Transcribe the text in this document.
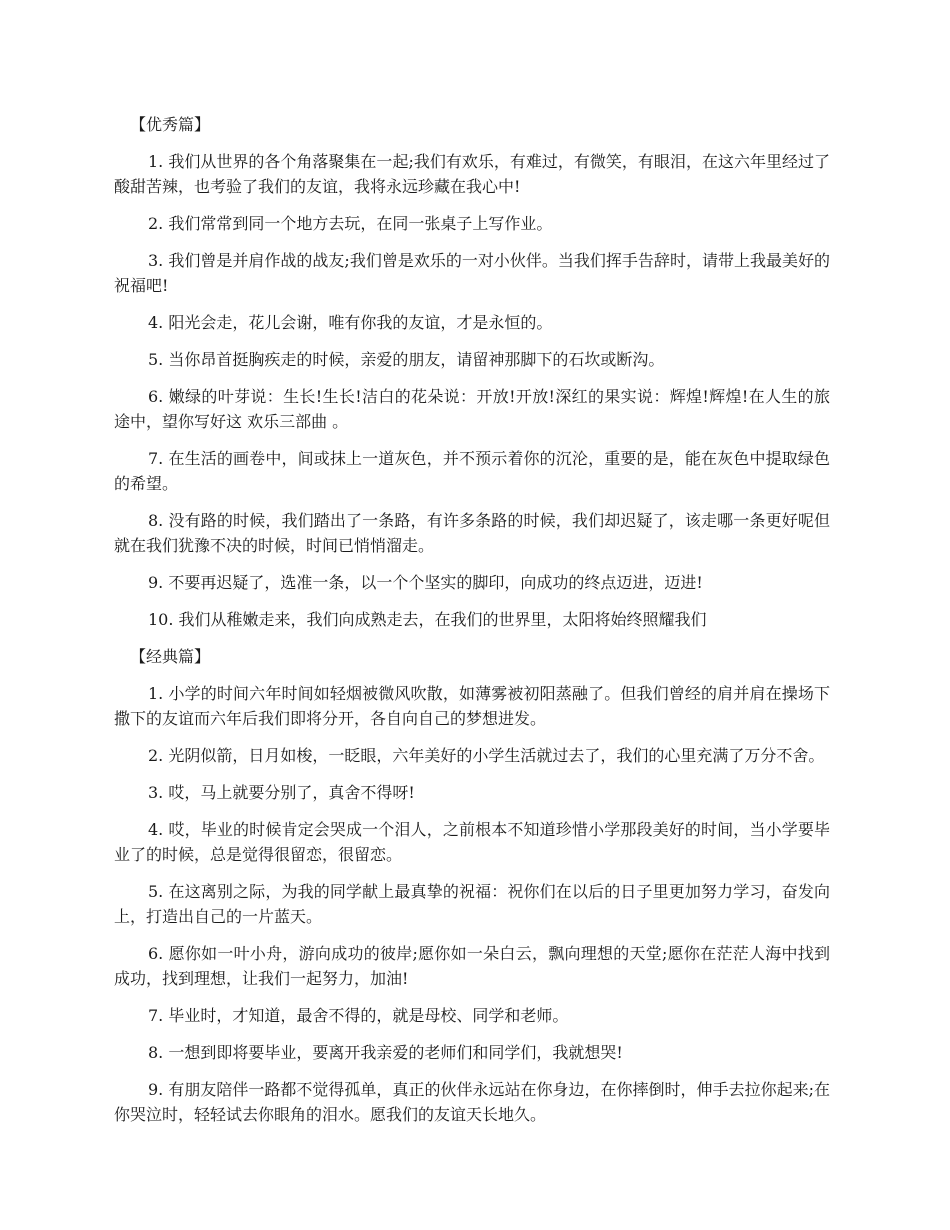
【优秀篇】

1. 我们从世界的各个角落聚集在一起;我们有欢乐，有难过，有微笑，有眼泪，在这六年里经过了酸甜苦辣，也考验了我们的友谊，我将永远珍藏在我心中!

2. 我们常常到同一个地方去玩，在同一张桌子上写作业。

3. 我们曾是并肩作战的战友;我们曾是欢乐的一对小伙伴。当我们挥手告辞时，请带上我最美好的祝福吧!

4. 阳光会走，花儿会谢，唯有你我的友谊，才是永恒的。

5. 当你昂首挺胸疾走的时候，亲爱的朋友，请留神那脚下的石坎或断沟。

6. 嫩绿的叶芽说：生长!生长!洁白的花朵说：开放!开放!深红的果实说：辉煌!辉煌!在人生的旅途中，望你写好这 欢乐三部曲 。

7. 在生活的画卷中，间或抹上一道灰色，并不预示着你的沉沦，重要的是，能在灰色中提取绿色的希望。

8. 没有路的时候，我们踏出了一条路，有许多条路的时候，我们却迟疑了，该走哪一条更好呢但就在我们犹豫不决的时候，时间已悄悄溜走。

9. 不要再迟疑了，选准一条，以一个个坚实的脚印，向成功的终点迈进，迈进!

10. 我们从稚嫩走来，我们向成熟走去，在我们的世界里，太阳将始终照耀我们

【经典篇】

1. 小学的时间六年时间如轻烟被微风吹散，如薄雾被初阳蒸融了。但我们曾经的肩并肩在操场下撒下的友谊而六年后我们即将分开，各自向自己的梦想进发。

2. 光阴似箭，日月如梭，一眨眼，六年美好的小学生活就过去了，我们的心里充满了万分不舍。

3. 哎，马上就要分别了，真舍不得呀!

4. 哎，毕业的时候肯定会哭成一个泪人，之前根本不知道珍惜小学那段美好的时间，当小学要毕业了的时候，总是觉得很留恋，很留恋。

5. 在这离别之际，为我的同学献上最真挚的祝福：祝你们在以后的日子里更加努力学习，奋发向上，打造出自己的一片蓝天。

6. 愿你如一叶小舟，游向成功的彼岸;愿你如一朵白云，飘向理想的天堂;愿你在茫茫人海中找到成功，找到理想，让我们一起努力，加油!

7. 毕业时，才知道，最舍不得的，就是母校、同学和老师。

8. 一想到即将要毕业，要离开我亲爱的老师们和同学们，我就想哭!

9. 有朋友陪伴一路都不觉得孤单，真正的伙伴永远站在你身边，在你摔倒时，伸手去拉你起来;在你哭泣时，轻轻试去你眼角的泪水。愿我们的友谊天长地久。
